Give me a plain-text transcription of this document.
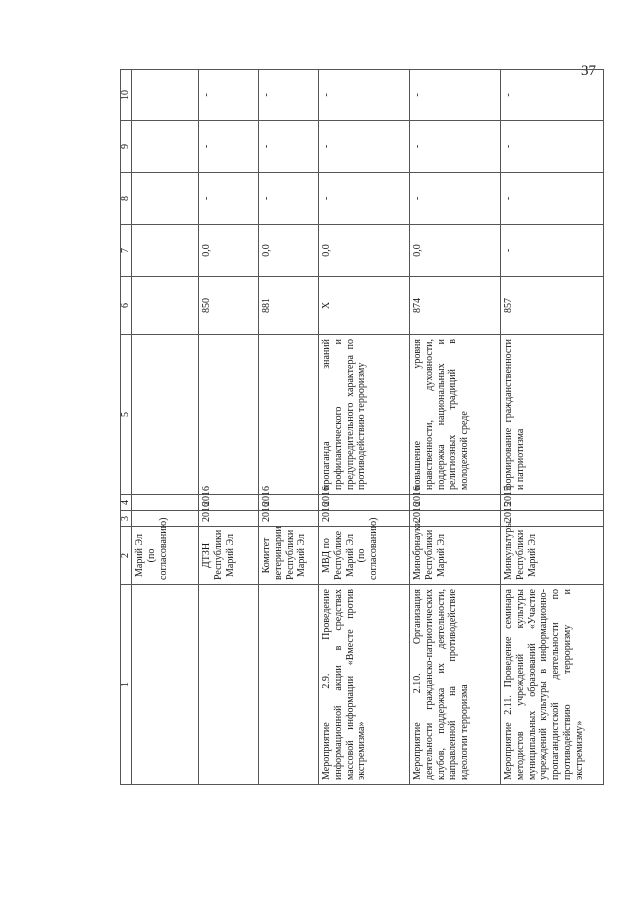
37
1	2	3	4	5	6	7	8	9	10
	Марий Эл (по согласованию)								
	ДТЗН Республики Марий Эл	2016	2016		850	0,0	-	-	-
	Комитет ветеринарии Республики Марий Эл	2016	2016		881	0,0	-	-	-
Мероприятие 2.9. Проведение информационной акции в средствах массовой информации «Вместе против экстремизма»	МВД по Республике Марий Эл (по согласованию)	2016	2016	пропаганда знаний профилактического и предупредительного характера по противодействию терроризму	X	0,0	-	-	-
Мероприятие 2.10. Организация деятельности гражданско-патриотических клубов, поддержка их деятельности, направленной на противодействие идеологии терроризма	Минобрнауки Республики Марий Эл	2016	2016	повышение уровня нравственности, духовности, поддержка национальных и религиозных традиций в молодежной среде	874	0,0	-	-	-
Мероприятие 2.11. Проведение семинара методистов учреждений культуры муниципальных образований «Участие учреждений культуры в информационно-пропагандистской деятельности по противодействию терроризму и экстремизму»	Минкультуры Республики Марий Эл	2015	2015	формирование гражданственности и патриотизма	857	-	-	-	-
